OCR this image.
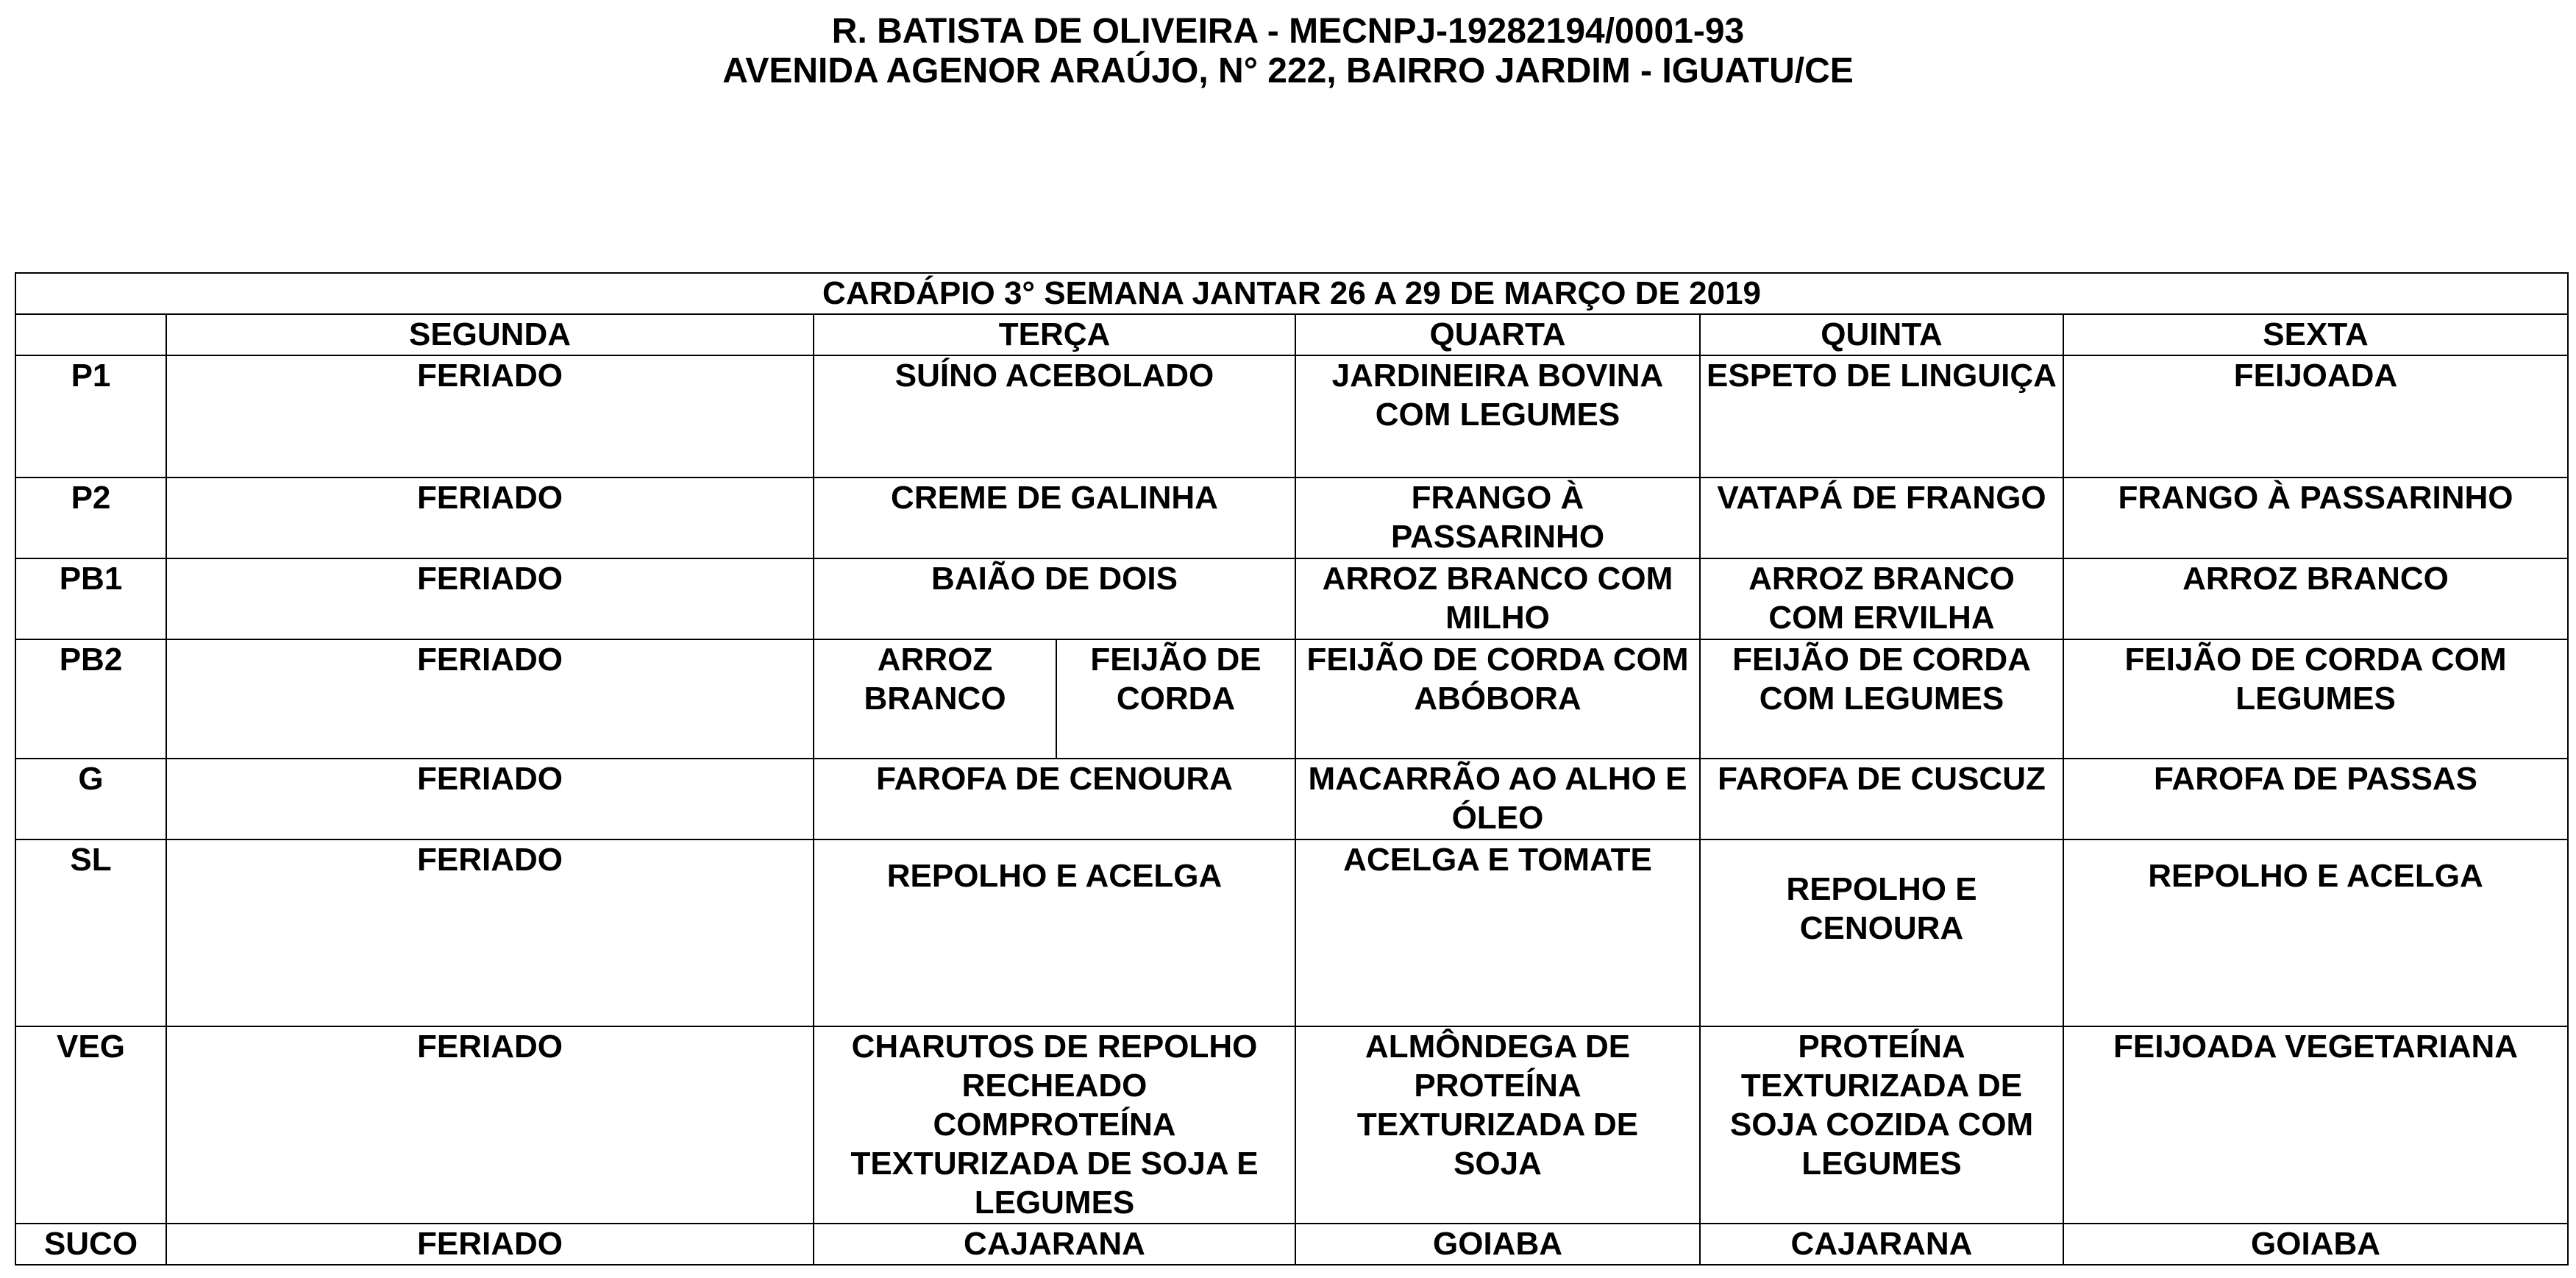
R. BATISTA DE OLIVEIRA - MECNPJ-19282194/0001-93
AVENIDA AGENOR ARAÚJO, N° 222, BAIRRO JARDIM - IGUATU/CE
CARDÁPIO 3° SEMANA JANTAR 26 A 29 DE MARÇO DE 2019						
	SEGUNDA	TERÇA		QUARTA	QUINTA	SEXTA
P1	FERIADO	SUÍNO ACEBOLADO		JARDINEIRA BOVINA COM LEGUMES	ESPETO DE LINGUIÇA	FEIJOADA
P2	FERIADO	CREME DE GALINHA		FRANGO À PASSARINHO	VATAPÁ DE FRANGO	FRANGO À PASSARINHO
PB1	FERIADO	BAIÃO DE DOIS		ARROZ BRANCO COM MILHO	ARROZ BRANCO COM ERVILHA	ARROZ BRANCO
PB2	FERIADO	ARROZ BRANCO	FEIJÃO DE CORDA	FEIJÃO DE CORDA COM ABÓBORA	FEIJÃO DE CORDA COM LEGUMES	FEIJÃO DE CORDA COM LEGUMES
G	FERIADO	FAROFA DE CENOURA		MACARRÃO AO ALHO E ÓLEO	FAROFA DE CUSCUZ	FAROFA DE PASSAS
SL	FERIADO	REPOLHO E ACELGA		ACELGA E TOMATE	REPOLHO E CENOURA	REPOLHO E ACELGA
VEG	FERIADO	CHARUTOS DE REPOLHO RECHEADO COMPROTEÍNA TEXTURIZADA DE SOJA E LEGUMES		ALMÔNDEGA DE PROTEÍNA TEXTURIZADA DE SOJA	PROTEÍNA TEXTURIZADA DE SOJA COZIDA COM LEGUMES	FEIJOADA VEGETARIANA
SUCO	FERIADO	CAJARANA		GOIABA	CAJARANA	GOIABA
